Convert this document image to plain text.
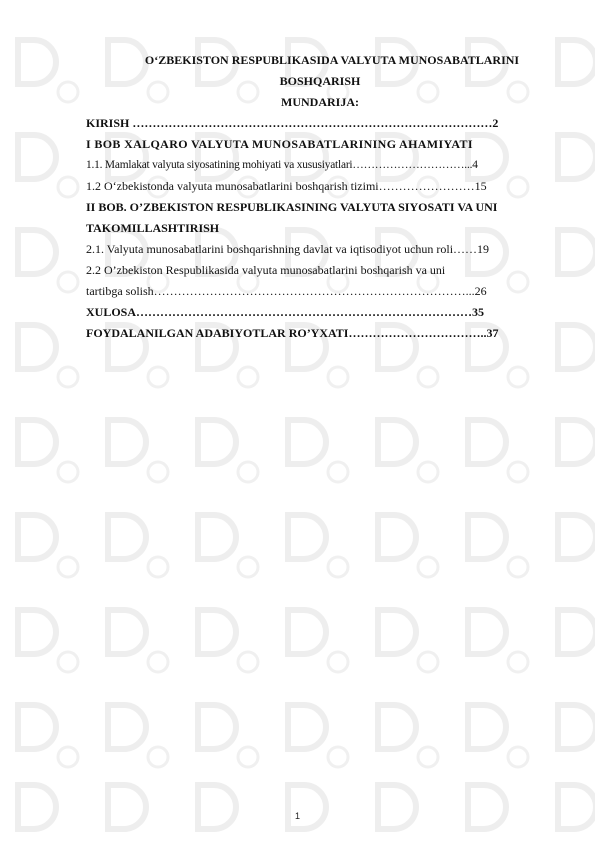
O‘ZBEKISTON RESPUBLIKASIDA VALYUTA MUNOSABATLARINI
BOSHQARISH
MUNDARIJA:
KIRISH ………………………………………………………………………………2
I BOB XALQARO VALYUTA MUNOSABATLARINING AHAMIYATI
1.1. Mamlakat valyuta siyosatining mohiyati va xususiyatlari…………………………...4
1.2 O‘zbekistonda valyuta munosabatlarini boshqarish tizimi……………………15
II BOB. O’ZBEKISTON RESPUBLIKASINING VALYUTA SIYOSATI VA UNI
TAKOMILLASHTIRISH
2.1. Valyuta munosabatlarini boshqarishning davlat va iqtisodiyot uchun roli……19
2.2 O’zbekiston Respublikasida valyuta munosabatlarini boshqarish va uni
tartibga solish……………………………………………………………………...26
XULOSA…………………………………………………………………………35
FOYDALANILGAN ADABIYOTLAR RO’YXATI……………………………..37
1
